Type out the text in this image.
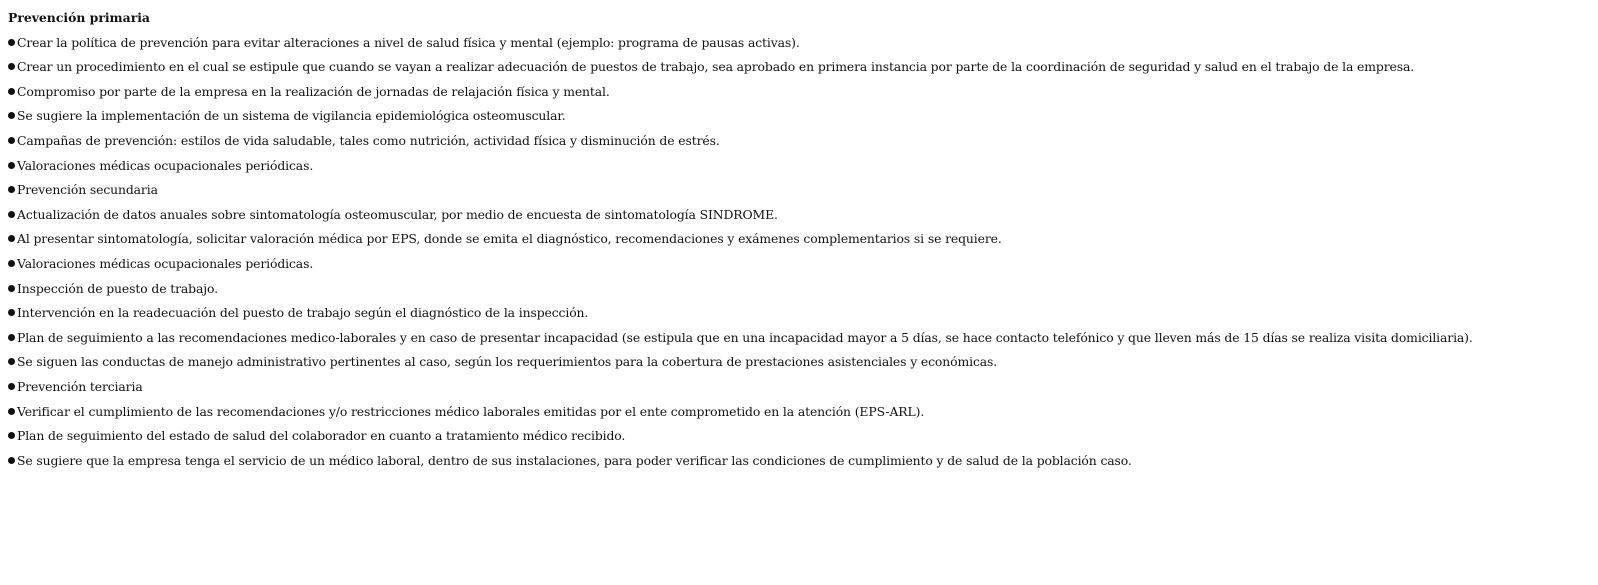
Prevención primaria

Crear la política de prevención para evitar alteraciones a nivel de salud física y mental (ejemplo: programa de pausas activas).
Crear un procedimiento en el cual se estipule que cuando se vayan a realizar adecuación de puestos de trabajo, sea aprobado en primera instancia por parte de la coordinación de seguridad y salud en el trabajo de la empresa.
Compromiso por parte de la empresa en la realización de jornadas de relajación física y mental.
Se sugiere la implementación de un sistema de vigilancia epidemiológica osteomuscular.
Campañas de prevención: estilos de vida saludable, tales como nutrición, actividad física y disminución de estrés.
Valoraciones médicas ocupacionales periódicas.
Prevención secundaria
Actualización de datos anuales sobre sintomatología osteomuscular, por medio de encuesta de sintomatología SINDROME.
Al presentar sintomatología, solicitar valoración médica por EPS, donde se emita el diagnóstico, recomendaciones y exámenes complementarios si se requiere.
Valoraciones médicas ocupacionales periódicas.
Inspección de puesto de trabajo.
Intervención en la readecuación del puesto de trabajo según el diagnóstico de la inspección.
Plan de seguimiento a las recomendaciones medico-laborales y en caso de presentar incapacidad (se estipula que en una incapacidad mayor a 5 días, se hace contacto telefónico y que lleven más de 15 días se realiza visita domiciliaria).
Se siguen las conductas de manejo administrativo pertinentes al caso, según los requerimientos para la cobertura de prestaciones asistenciales y económicas.
Prevención terciaria
Verificar el cumplimiento de las recomendaciones y/o restricciones médico laborales emitidas por el ente comprometido en la atención (EPS-ARL).
Plan de seguimiento del estado de salud del colaborador en cuanto a tratamiento médico recibido.
Se sugiere que la empresa tenga el servicio de un médico laboral, dentro de sus instalaciones, para poder verificar las condiciones de cumplimiento y de salud de la población caso.
